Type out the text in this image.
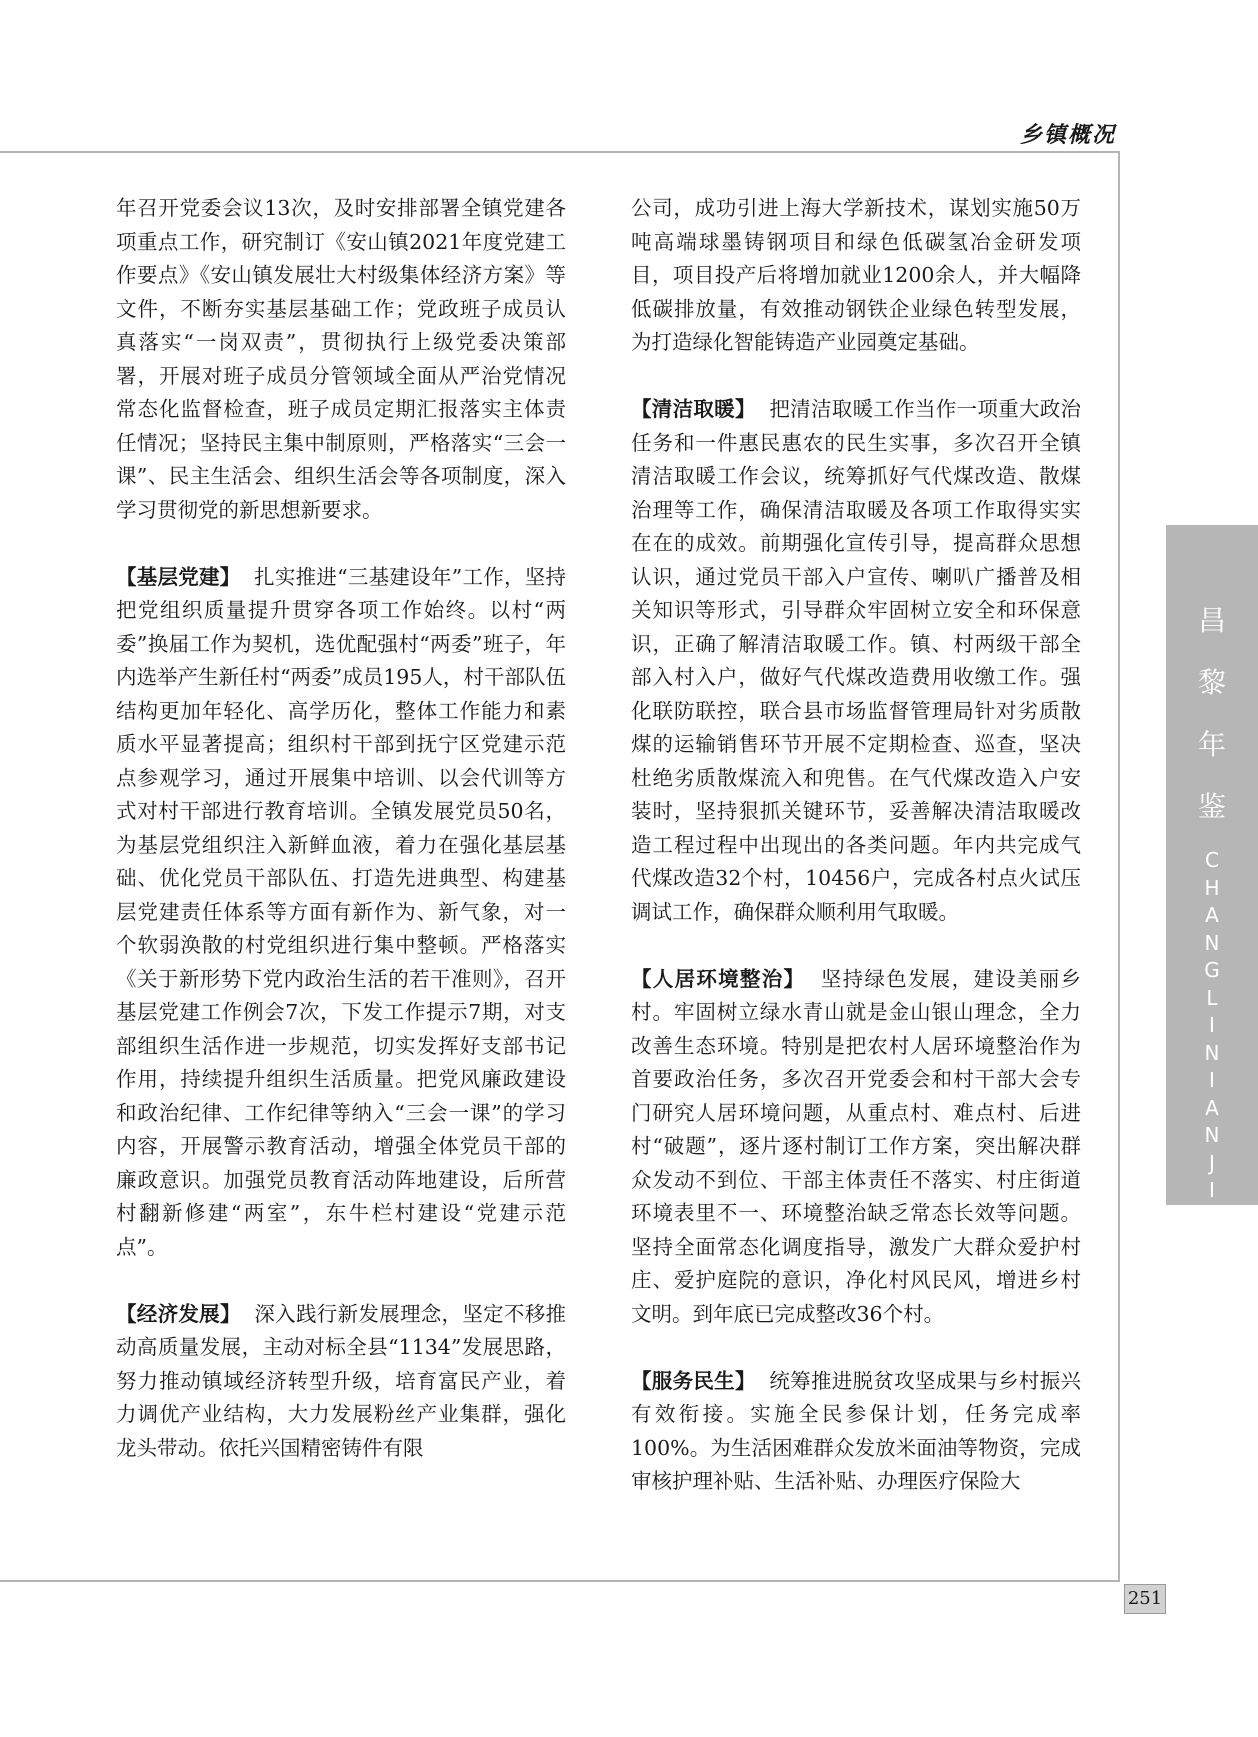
乡镇概况

年召开党委会议13次，及时安排部署全镇党建各项重点工作，研究制订《安山镇2021年度党建工作要点》《安山镇发展壮大村级集体经济方案》等文件，不断夯实基层基础工作；党政班子成员认真落实“一岗双责”，贯彻执行上级党委决策部署，开展对班子成员分管领域全面从严治党情况常态化监督检查，班子成员定期汇报落实主体责任情况；坚持民主集中制原则，严格落实“三会一课”、民主生活会、组织生活会等各项制度，深入学习贯彻党的新思想新要求。

【基层党建】 扎实推进“三基建设年”工作，坚持把党组织质量提升贯穿各项工作始终。以村“两委”换届工作为契机，选优配强村“两委”班子，年内选举产生新任村“两委”成员195人，村干部队伍结构更加年轻化、高学历化，整体工作能力和素质水平显著提高；组织村干部到抚宁区党建示范点参观学习，通过开展集中培训、以会代训等方式对村干部进行教育培训。全镇发展党员50名，为基层党组织注入新鲜血液，着力在强化基层基础、优化党员干部队伍、打造先进典型、构建基层党建责任体系等方面有新作为、新气象，对一个软弱涣散的村党组织进行集中整顿。严格落实《关于新形势下党内政治生活的若干准则》，召开基层党建工作例会7次，下发工作提示7期，对支部组织生活作进一步规范，切实发挥好支部书记作用，持续提升组织生活质量。把党风廉政建设和政治纪律、工作纪律等纳入“三会一课”的学习内容，开展警示教育活动，增强全体党员干部的廉政意识。加强党员教育活动阵地建设，后所营村翻新修建“两室”，东牛栏村建设“党建示范点”。

【经济发展】 深入践行新发展理念，坚定不移推动高质量发展，主动对标全县“1134”发展思路，努力推动镇域经济转型升级，培育富民产业，着力调优产业结构，大力发展粉丝产业集群，强化龙头带动。依托兴国精密铸件有限

公司，成功引进上海大学新技术，谋划实施50万吨高端球墨铸钢项目和绿色低碳氢冶金研发项目，项目投产后将增加就业1200余人，并大幅降低碳排放量，有效推动钢铁企业绿色转型发展，为打造绿化智能铸造产业园奠定基础。

【清洁取暖】 把清洁取暖工作当作一项重大政治任务和一件惠民惠农的民生实事，多次召开全镇清洁取暖工作会议，统筹抓好气代煤改造、散煤治理等工作，确保清洁取暖及各项工作取得实实在在的成效。前期强化宣传引导，提高群众思想认识，通过党员干部入户宣传、喇叭广播普及相关知识等形式，引导群众牢固树立安全和环保意识，正确了解清洁取暖工作。镇、村两级干部全部入村入户，做好气代煤改造费用收缴工作。强化联防联控，联合县市场监督管理局针对劣质散煤的运输销售环节开展不定期检查、巡查，坚决杜绝劣质散煤流入和兜售。在气代煤改造入户安装时，坚持狠抓关键环节，妥善解决清洁取暖改造工程过程中出现出的各类问题。年内共完成气代煤改造32个村，10456户，完成各村点火试压调试工作，确保群众顺利用气取暖。

【人居环境整治】 坚持绿色发展，建设美丽乡村。牢固树立绿水青山就是金山银山理念，全力改善生态环境。特别是把农村人居环境整治作为首要政治任务，多次召开党委会和村干部大会专门研究人居环境问题，从重点村、难点村、后进村“破题”，逐片逐村制订工作方案，突出解决群众发动不到位、干部主体责任不落实、村庄街道环境表里不一、环境整治缺乏常态长效等问题。坚持全面常态化调度指导，激发广大群众爱护村庄、爱护庭院的意识，净化村风民风，增进乡村文明。到年底已完成整改36个村。

【服务民生】 统筹推进脱贫攻坚成果与乡村振兴有效衔接。实施全民参保计划，任务完成率100%。为生活困难群众发放米面油等物资，完成审核护理补贴、生活补贴、办理医疗保险大

昌
黎
年
鉴
C
H
A
N
G
L
I
N
I
A
N
J
I
A
N
251
